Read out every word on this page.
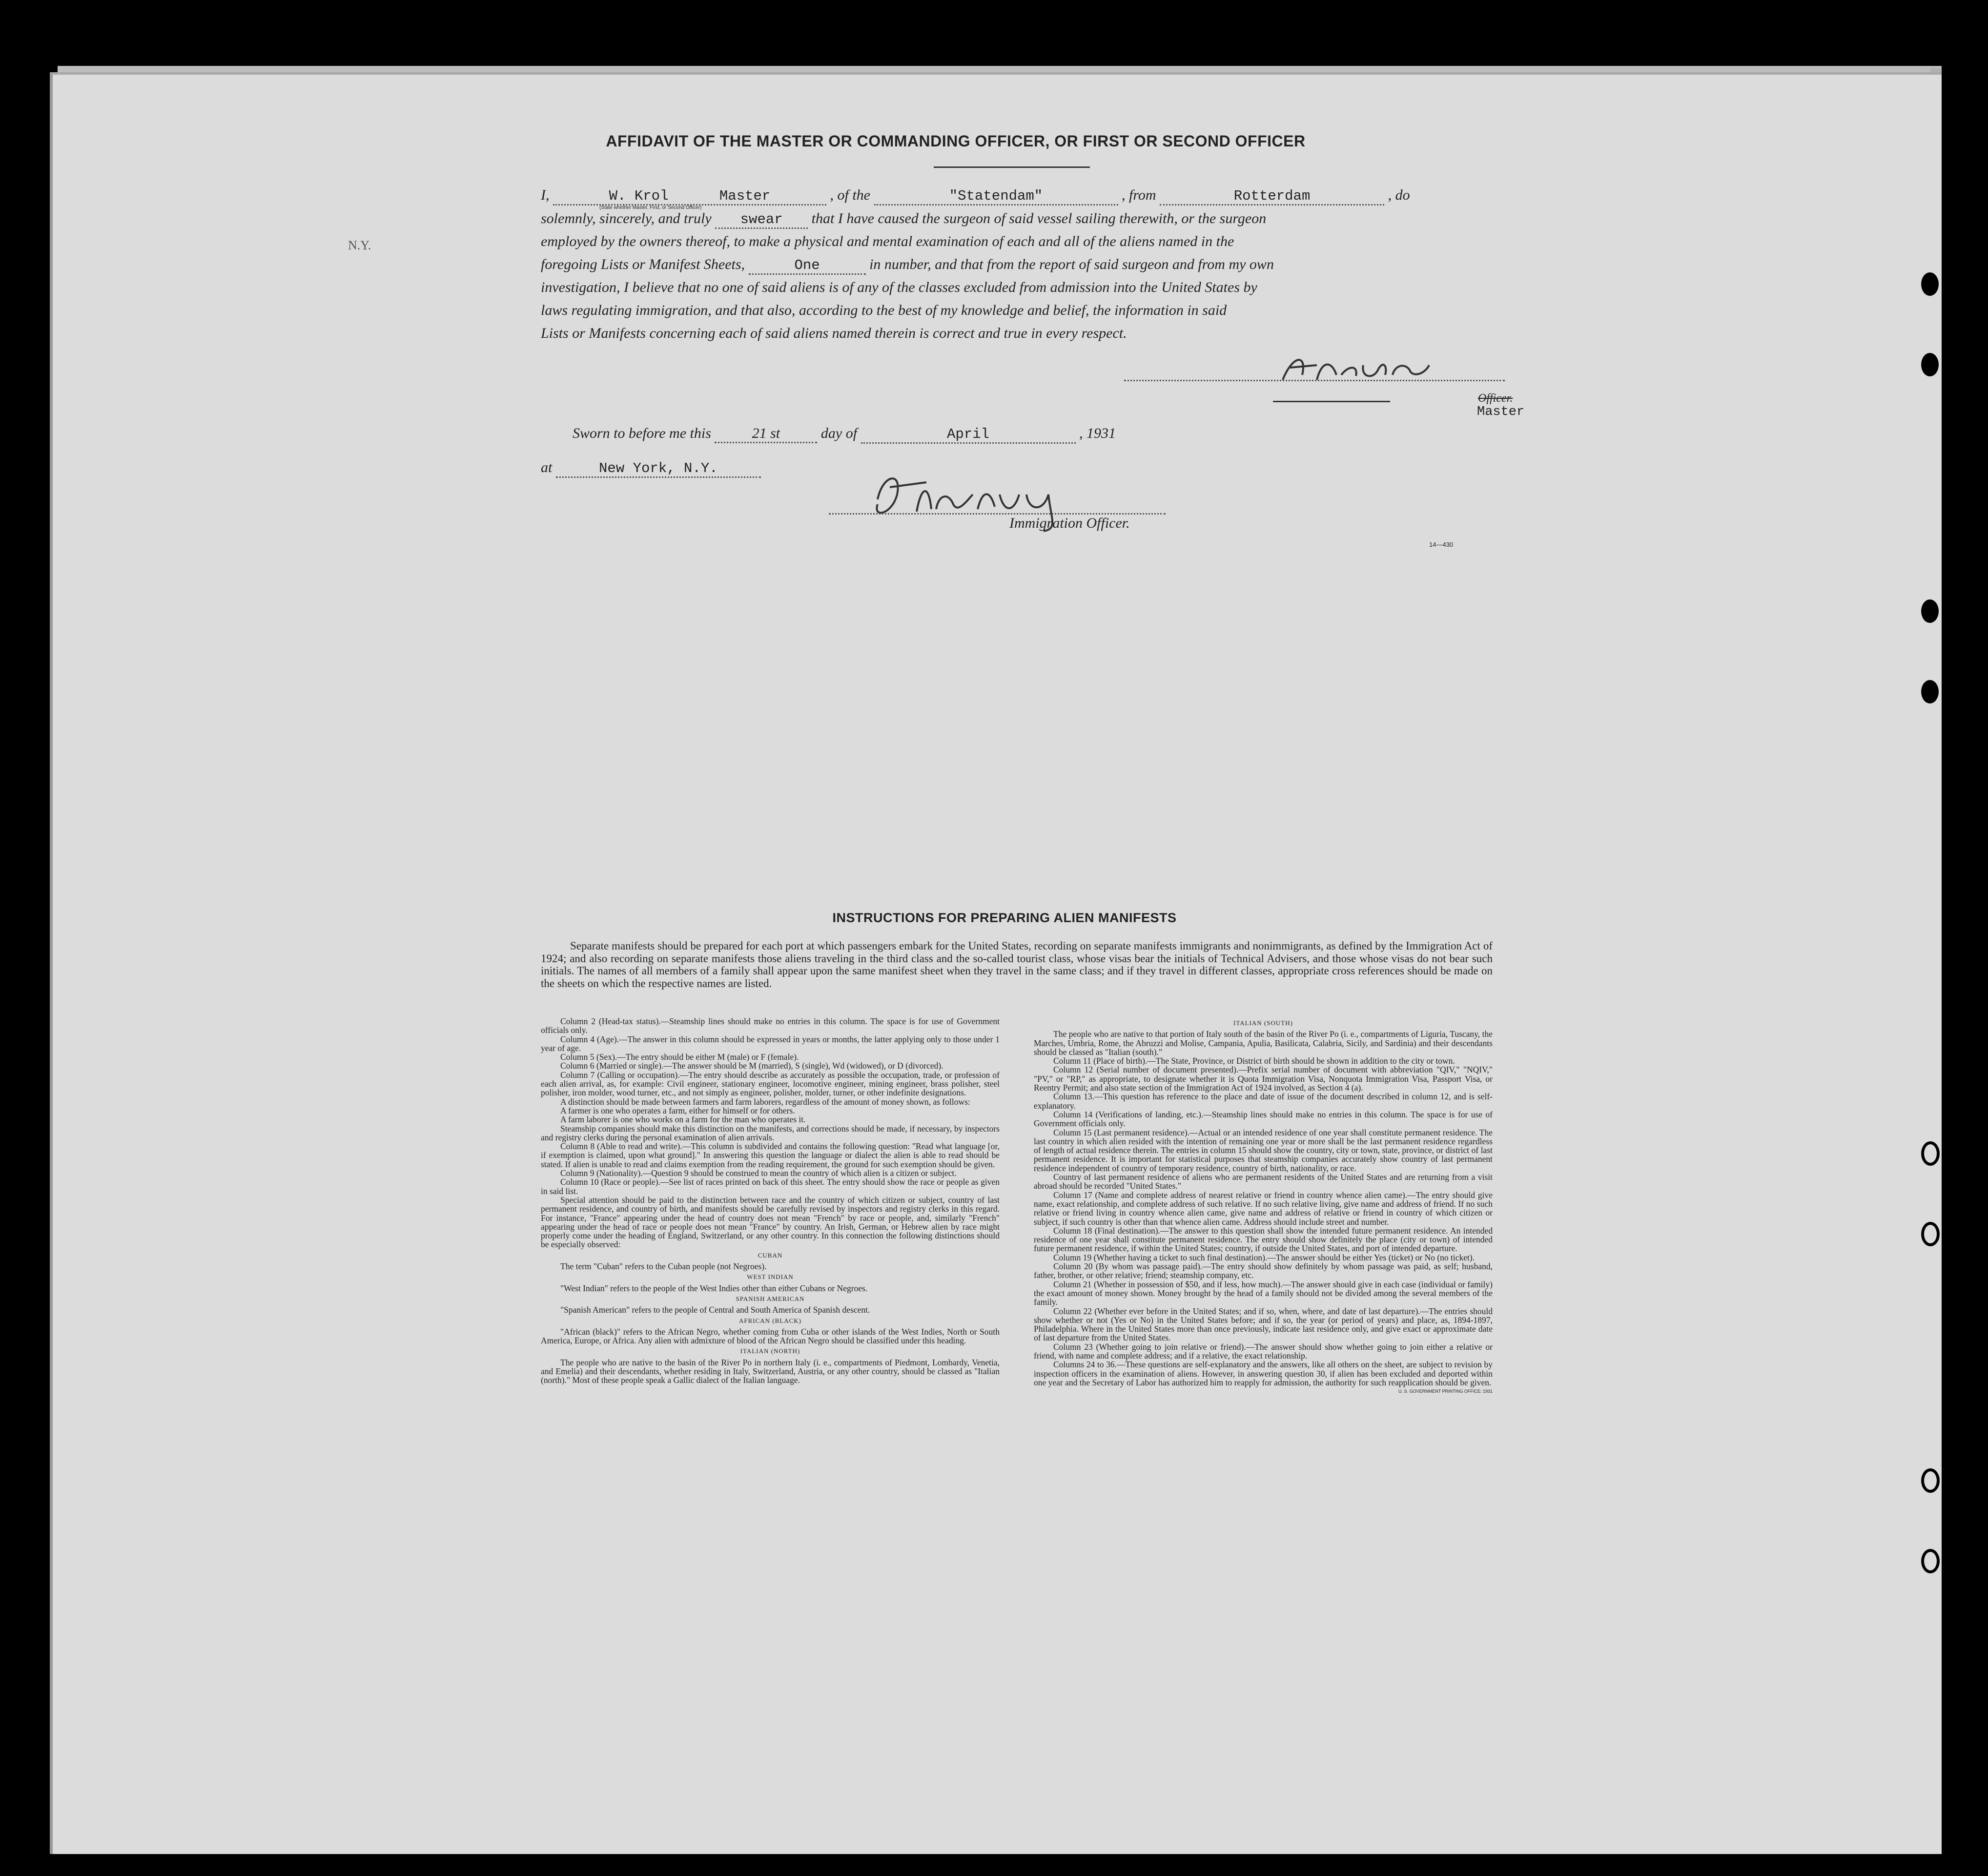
AFFIDAVIT OF THE MASTER OR COMMANDING OFFICER, OR FIRST OR SECOND OFFICER
N.Y.
I,	W. Krol	Master
(State whether Master, First, or Second Officer)
, of the	"Statendam"	, from	Rotterdam	, do
solemnly, sincerely, and truly swear that I have caused the surgeon of said vessel sailing therewith, or the surgeon
employed by the owners thereof, to make a physical and mental examination of each and all of the aliens named in the
foregoing Lists or Manifest Sheets,	One	in number, and that from the report of said surgeon and from my own
investigation, I believe that no one of said aliens is of any of the classes excluded from admission into the United States by
laws regulating immigration, and that also, according to the best of my knowledge and belief, the information in said
Lists or Manifests concerning each of said aliens named therein is correct and true in every respect.
Officer.
Master
Sworn to before me this	21 st	day of	April	, 1931
at	New York, N.Y.
Immigration Officer.
14—430
INSTRUCTIONS FOR PREPARING ALIEN MANIFESTS
Separate manifests should be prepared for each port at which passengers embark for the United States, recording on separate manifests immigrants and nonimmigrants, as defined by the Immigration Act of 1924; and also recording on separate manifests those aliens traveling in the third class and the so-called tourist class, whose visas bear the initials of Technical Advisers, and those whose visas do not bear such initials. The names of all members of a family shall appear upon the same manifest sheet when they travel in the same class; and if they travel in different classes, appropriate cross references should be made on the sheets on which the respective names are listed.

Column 2 (Head-tax status).—Steamship lines should make no entries in this column. The space is for use of Government officials only.

Column 4 (Age).—The answer in this column should be expressed in years or months, the latter applying only to those under 1 year of age.

Column 5 (Sex).—The entry should be either M (male) or F (female).

Column 6 (Married or single).—The answer should be M (married), S (single), Wd (widowed), or D (divorced).

Column 7 (Calling or occupation).—The entry should describe as accurately as possible the occupation, trade, or profession of each alien arrival, as, for example: Civil engineer, stationary engineer, locomotive engineer, mining engineer, brass polisher, steel polisher, iron molder, wood turner, etc., and not simply as engineer, polisher, molder, turner, or other indefinite designations.

A distinction should be made between farmers and farm laborers, regardless of the amount of money shown, as follows:

A farmer is one who operates a farm, either for himself or for others.

A farm laborer is one who works on a farm for the man who operates it.

Steamship companies should make this distinction on the manifests, and corrections should be made, if necessary, by inspectors and registry clerks during the personal examination of alien arrivals.

Column 8 (Able to read and write).—This column is subdivided and contains the following question: "Read what language [or, if exemption is claimed, upon what ground]." In answering this question the language or dialect the alien is able to read should be stated. If alien is unable to read and claims exemption from the reading requirement, the ground for such exemption should be given.

Column 9 (Nationality).—Question 9 should be construed to mean the country of which alien is a citizen or subject.

Column 10 (Race or people).—See list of races printed on back of this sheet. The entry should show the race or people as given in said list.

Special attention should be paid to the distinction between race and the country of which citizen or subject, country of last permanent residence, and country of birth, and manifests should be carefully revised by inspectors and registry clerks in this regard. For instance, "France" appearing under the head of country does not mean "French" by race or people, and, similarly "French" appearing under the head of race or people does not mean "France" by country. An Irish, German, or Hebrew alien by race might properly come under the heading of England, Switzerland, or any other country. In this connection the following distinctions should be especially observed:

CUBAN

The term "Cuban" refers to the Cuban people (not Negroes).

WEST INDIAN

"West Indian" refers to the people of the West Indies other than either Cubans or Negroes.

SPANISH AMERICAN

"Spanish American" refers to the people of Central and South America of Spanish descent.

AFRICAN (BLACK)

"African (black)" refers to the African Negro, whether coming from Cuba or other islands of the West Indies, North or South America, Europe, or Africa. Any alien with admixture of blood of the African Negro should be classified under this heading.

ITALIAN (NORTH)

The people who are native to the basin of the River Po in northern Italy (i. e., compartments of Piedmont, Lombardy, Venetia, and Emelia) and their descendants, whether residing in Italy, Switzerland, Austria, or any other country, should be classed as "Italian (north)." Most of these people speak a Gallic dialect of the Italian language.

ITALIAN (SOUTH)

The people who are native to that portion of Italy south of the basin of the River Po (i. e., compartments of Liguria, Tuscany, the Marches, Umbria, Rome, the Abruzzi and Molise, Campania, Apulia, Basilicata, Calabria, Sicily, and Sardinia) and their descendants should be classed as "Italian (south)."

Column 11 (Place of birth).—The State, Province, or District of birth should be shown in addition to the city or town.

Column 12 (Serial number of document presented).—Prefix serial number of document with abbreviation "QIV," "NQIV," "PV," or "RP," as appropriate, to designate whether it is Quota Immigration Visa, Nonquota Immigration Visa, Passport Visa, or Reentry Permit; and also state section of the Immigration Act of 1924 involved, as Section 4 (a).

Column 13.—This question has reference to the place and date of issue of the document described in column 12, and is self-explanatory.

Column 14 (Verifications of landing, etc.).—Steamship lines should make no entries in this column. The space is for use of Government officials only.

Column 15 (Last permanent residence).—Actual or an intended residence of one year shall constitute permanent residence. The last country in which alien resided with the intention of remaining one year or more shall be the last permanent residence regardless of length of actual residence therein. The entries in column 15 should show the country, city or town, state, province, or district of last permanent residence. It is important for statistical purposes that steamship companies accurately show country of last permanent residence independent of country of temporary residence, country of birth, nationality, or race.

Country of last permanent residence of aliens who are permanent residents of the United States and are returning from a visit abroad should be recorded "United States."

Column 17 (Name and complete address of nearest relative or friend in country whence alien came).—The entry should give name, exact relationship, and complete address of such relative. If no such relative living, give name and address of friend. If no such relative or friend living in country whence alien came, give name and address of relative or friend in country of which citizen or subject, if such country is other than that whence alien came. Address should include street and number.

Column 18 (Final destination).—The answer to this question shall show the intended future permanent residence. An intended residence of one year shall constitute permanent residence. The entry should show definitely the place (city or town) of intended future permanent residence, if within the United States; country, if outside the United States, and port of intended departure.

Column 19 (Whether having a ticket to such final destination).—The answer should be either Yes (ticket) or No (no ticket).

Column 20 (By whom was passage paid).—The entry should show definitely by whom passage was paid, as self; husband, father, brother, or other relative; friend; steamship company, etc.

Column 21 (Whether in possession of $50, and if less, how much).—The answer should give in each case (individual or family) the exact amount of money shown. Money brought by the head of a family should not be divided among the several members of the family.

Column 22 (Whether ever before in the United States; and if so, when, where, and date of last departure).—The entries should show whether or not (Yes or No) in the United States before; and if so, the year (or period of years) and place, as, 1894-1897, Philadelphia. Where in the United States more than once previously, indicate last residence only, and give exact or approximate date of last departure from the United States.

Column 23 (Whether going to join relative or friend).—The answer should show whether going to join either a relative or friend, with name and complete address; and if a relative, the exact relationship.

Columns 24 to 36.—These questions are self-explanatory and the answers, like all others on the sheet, are subject to revision by inspection officers in the examination of aliens. However, in answering question 30, if alien has been excluded and deported within one year and the Secretary of Labor has authorized him to reapply for admission, the authority for such reapplication should be given.

U. S. GOVERNMENT PRINTING OFFICE: 1931
